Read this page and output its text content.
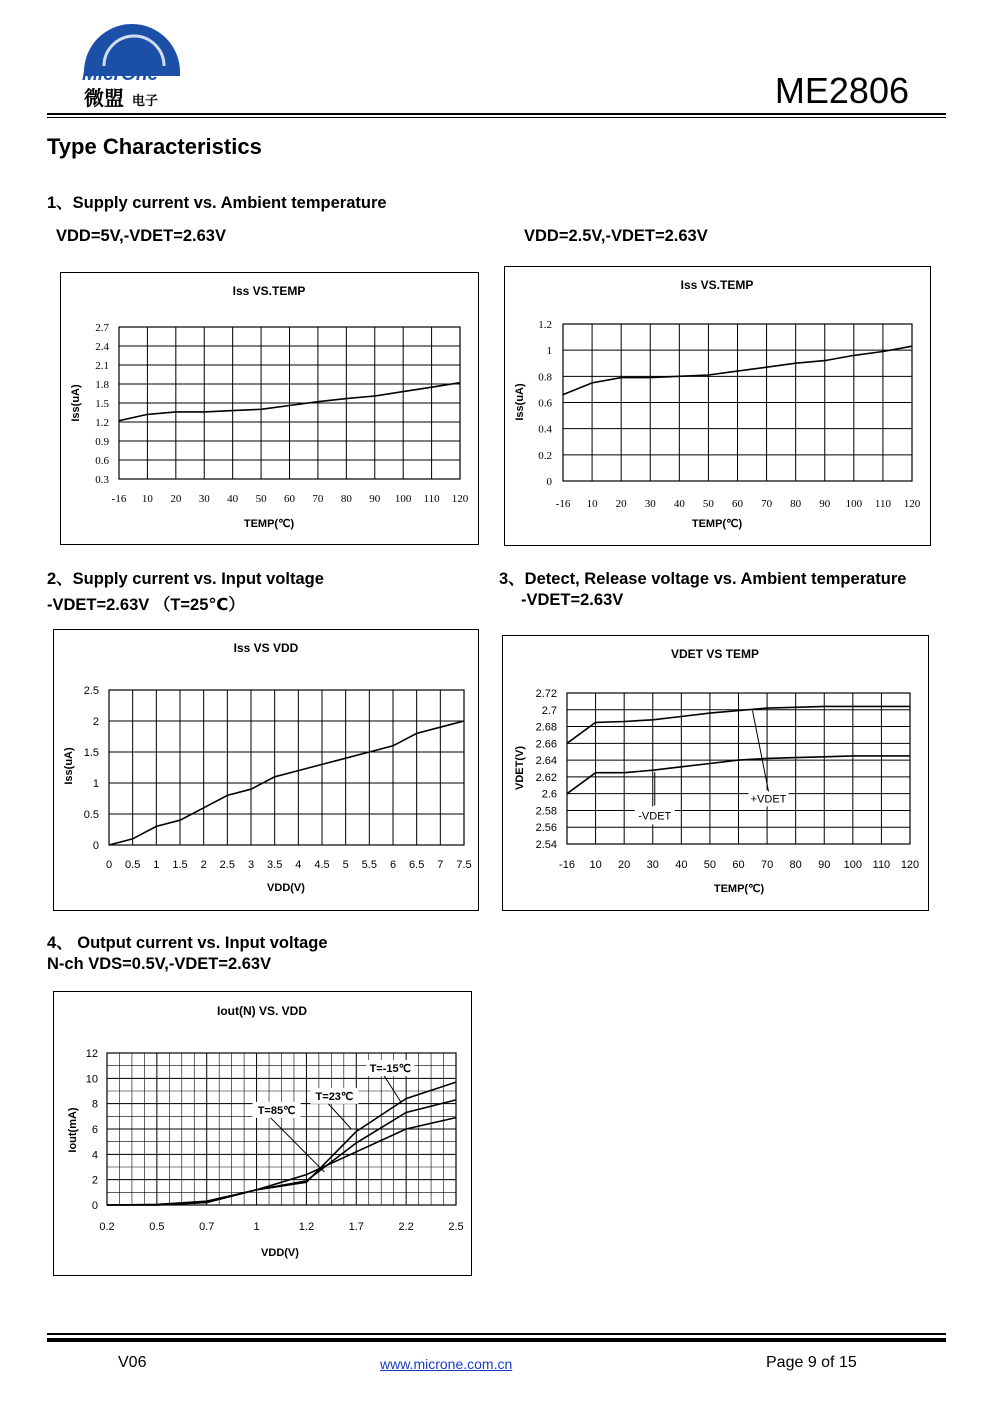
MicrOne
微盟 电子	ME2806
Type Characteristics
1、Supply current vs. Ambient temperature
VDD=5V,-VDET=2.63V	VDD=2.5V,-VDET=2.63V
Iss VS.TEMP
2.7
2.4
2.1
1.8
1.5
1.2
0.9
0.6
0.3
-16 10 20 30 40 50 60 70 80 90 100 110 120
TEMP(℃)
Iss(uA)
Iss VS.TEMP
1.2
1
0.8
0.6
0.4
0.2
0
-16 10 20 30 40 50 60 70 80 90 100 110 120
TEMP(℃)
Iss(uA)
2、Supply current vs. Input voltage
-VDET=2.63V （T=25℃）
3、Detect, Release voltage vs. Ambient temperature
-VDET=2.63V
Iss VS VDD
2.5
2
1.5
1
0.5
0
0 0.5 1 1.5 2 2.5 3 3.5 4 4.5 5 5.5 6 6.5 7 7.5
VDD(V)
Iss(uA)
VDET VS TEMP
2.72
2.7
2.68
2.66
2.64
2.62
2.6
2.58
2.56
2.54
-16 10 20 30 40 50 60 70 80 90 100 110 120
TEMP(℃)
VDET(V)
-VDET
+VDET
4、 Output current vs. Input voltage
N-ch VDS=0.5V,-VDET=2.63V
Iout(N) VS. VDD
12
10
8
6
4
2
0
0.2	0.5	0.7	1	1.2	1.7	2.2	2.5
VDD(V)
Iout(mA)
T=-15℃
T=23℃
T=85℃
V06	www.microne.com.cn	Page 9 of 15
